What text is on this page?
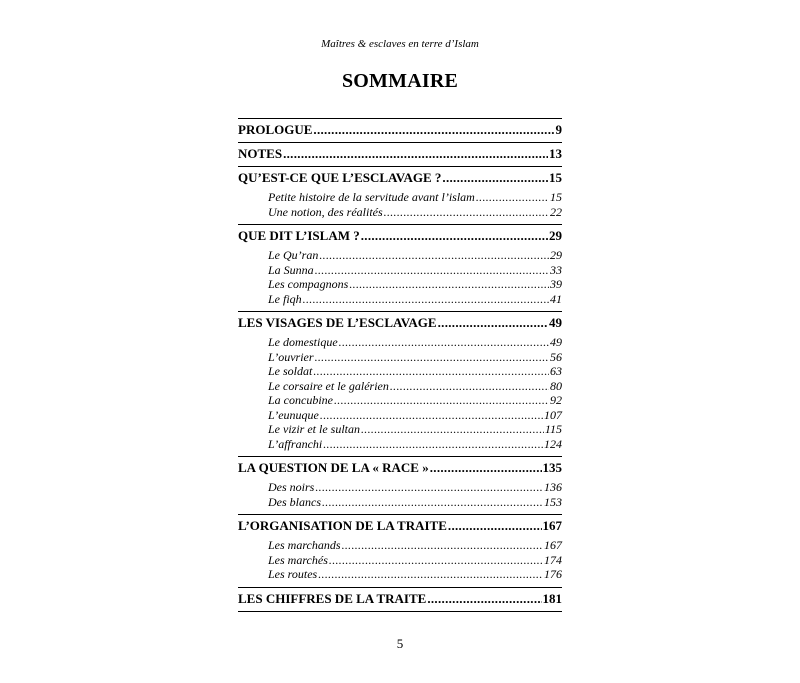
Maîtres & esclaves en terre d’Islam
SOMMAIRE
PROLOGUE .....	9
NOTES .....	13
QU’EST-CE QUE L’ESCLAVAGE ? .....	15
Petite histoire de la servitude avant l’islam .....	15
Une notion, des réalités .....	22
QUE DIT L’ISLAM ? .....	29
Le Qu’ran .....	29
La Sunna .....	33
Les compagnons .....	39
Le fiqh .....	41
LES VISAGES DE L’ESCLAVAGE .....	49
Le domestique .....	49
L’ouvrier .....	56
Le soldat .....	63
Le corsaire et le galérien .....	80
La concubine .....	92
L’eunuque .....	107
Le vizir et le sultan .....	115
L’affranchi .....	124
LA QUESTION DE LA « RACE » .....	135
Des noirs .....	136
Des blancs .....	153
L’ORGANISATION DE LA TRAITE .....	167
Les marchands .....	167
Les marchés .....	174
Les routes .....	176
LES CHIFFRES DE LA TRAITE .....	181
5
